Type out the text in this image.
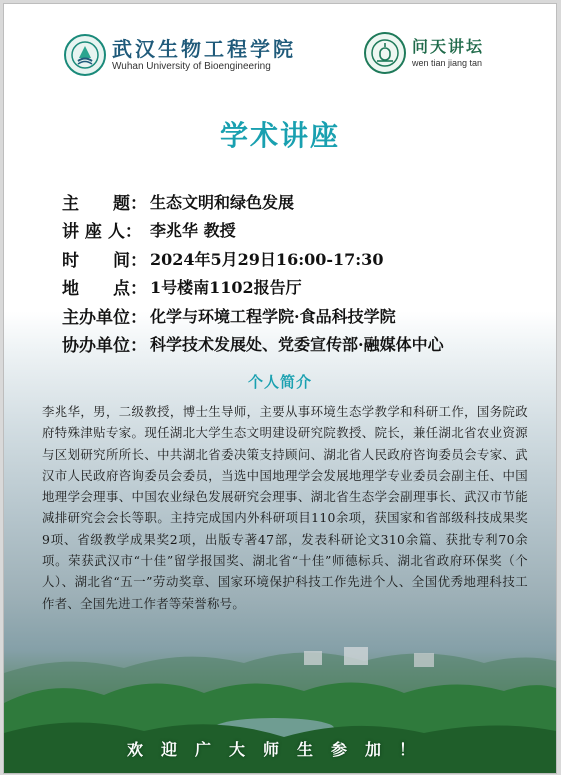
武汉生物工程学院
Wuhan University of Bioengineering
问天讲坛
wen tian jiang tan
学术讲座
主　　题： 生态文明和绿色发展
讲 座 人： 李兆华 教授
时　　间： 2024年5月29日16:00-17:30
地　　点： 1号楼南1102报告厅
主办单位： 化学与环境工程学院·食品科技学院
协办单位： 科学技术发展处、党委宣传部·融媒体中心
个人简介
李兆华，男，二级教授，博士生导师，主要从事环境生态学教学和科研工作，国务院政府特殊津贴专家。现任湖北大学生态文明建设研究院教授、院长，兼任湖北省农业资源与区划研究所所长、中共湖北省委决策支持顾问、湖北省人民政府咨询委员会专家、武汉市人民政府咨询委员会委员，当选中国地理学会发展地理学专业委员会副主任、中国地理学会理事、中国农业绿色发展研究会理事、湖北省生态学会副理事长、武汉市节能减排研究会会长等职。主持完成国内外科研项目110余项，获国家和省部级科技成果奖9项、省级教学成果奖2项，出版专著47部，发表科研论文310余篇、获批专利70余项。荣获武汉市“十佳”留学报国奖、湖北省“十佳”师德标兵、湖北省政府环保奖（个人）、湖北省“五一”劳动奖章、国家环境保护科技工作先进个人、全国优秀地理科技工作者、全国先进工作者等荣誉称号。
欢迎广大师生参加！
